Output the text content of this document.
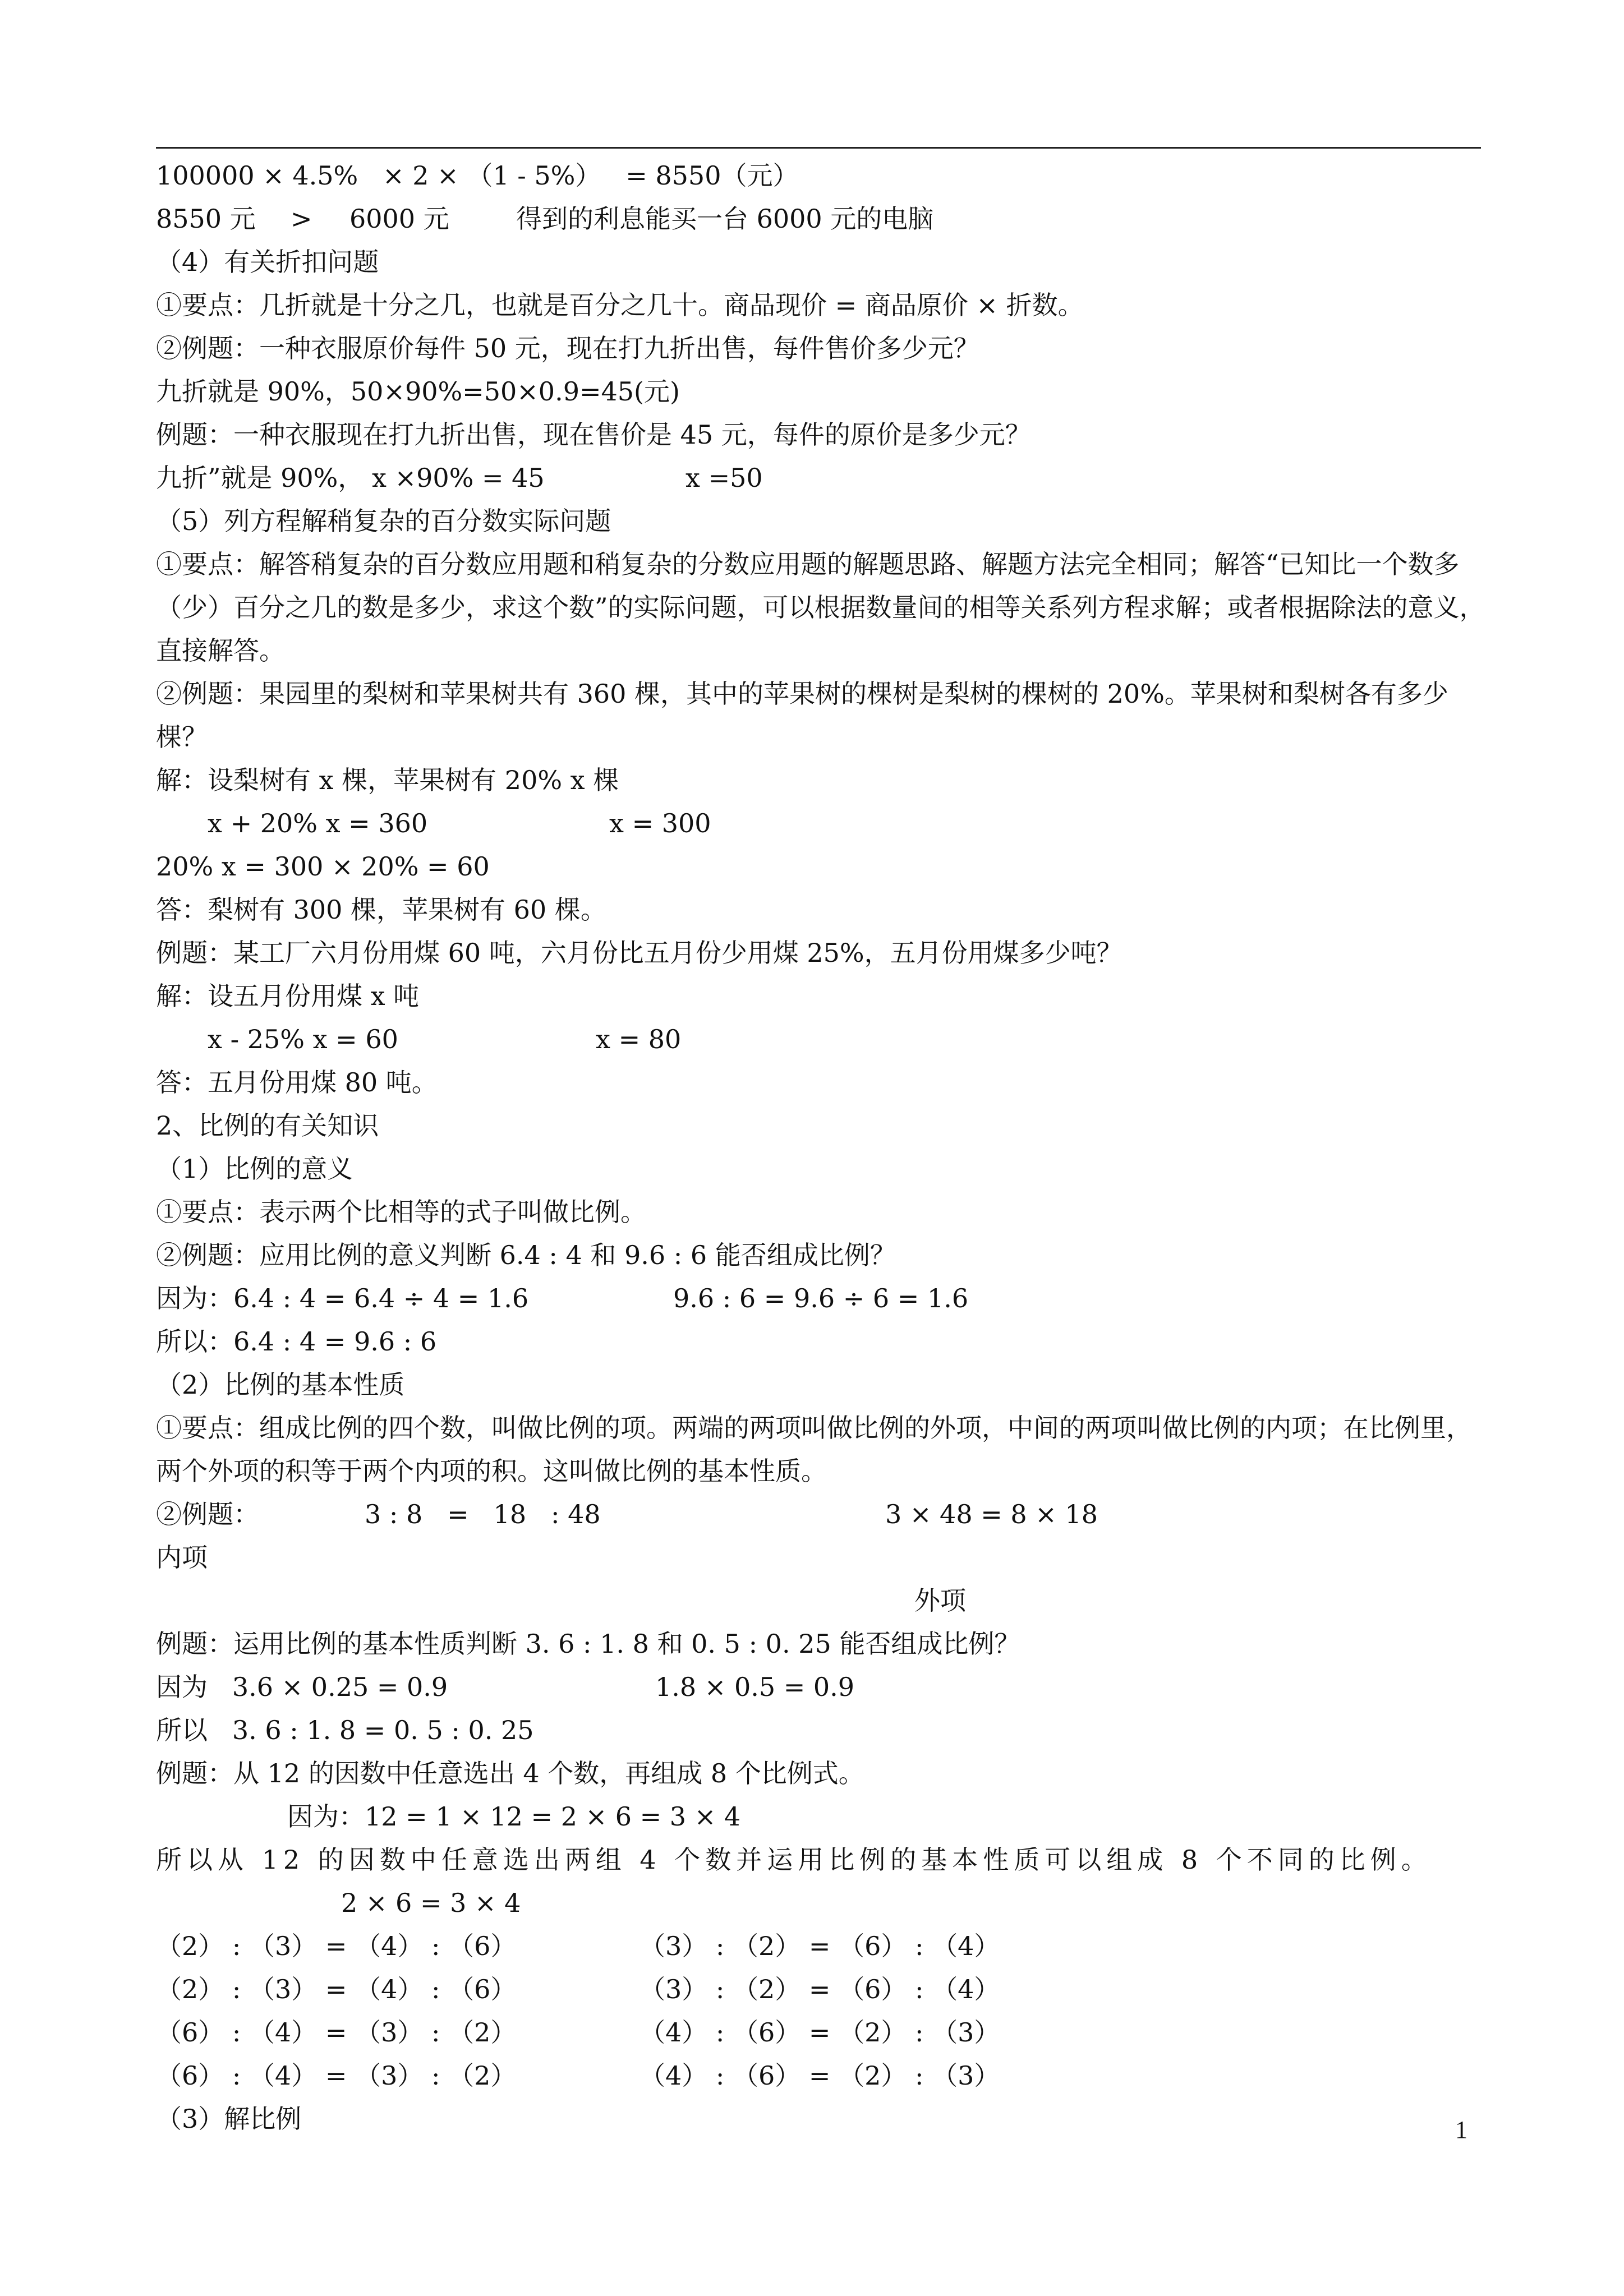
100000 × 4.5%   × 2 × （1 - 5%）   = 8550（元）

8550 元

>

6000 元

	得到的利息能买一台 6000 元的电脑

（4）有关折扣问题
①要点：几折就是十分之几，也就是百分之几十。商品现价 = 商品原价 × 折数。
②例题：一种衣服原价每件 50 元，现在打九折出售，每件售价多少元？
九折就是 90%，50×90%=50×0.9=45(元)
例题：一种衣服现在打九折出售，现在售价是 45 元，每件的原价是多少元？

九折”就是 90%， x ×90% = 45

	x =50

（5）列方程解稍复杂的百分数实际问题
①要点：解答稍复杂的百分数应用题和稍复杂的分数应用题的解题思路、解题方法完全相同；解答“已知比一个数多（少）百分之几的数是多少，求这个数”的实际问题，可以根据数量间的相等关系列方程求解；或者根据除法的意义，直接解答。
②例题：果园里的梨树和苹果树共有 360 棵，其中的苹果树的棵树是梨树的棵树的 20%。苹果树和梨树各有多少棵？
解：设梨树有 x 棵，苹果树有 20% x 棵

x + 20% x = 360

	x = 300

20% x = 300 × 20% = 60
答：梨树有 300 棵，苹果树有 60 棵。
例题：某工厂六月份用煤 60 吨，六月份比五月份少用煤 25%，五月份用煤多少吨？
解：设五月份用煤 x 吨

x - 25% x = 60

	x = 80

答：五月份用煤 80 吨。
2、比例的有关知识
（1）比例的意义
①要点：表示两个比相等的式子叫做比例。
②例题：应用比例的意义判断 6.4 : 4 和 9.6 : 6 能否组成比例？

因为：6.4 : 4 = 6.4 ÷ 4 = 1.6

	9.6 : 6 = 9.6 ÷ 6 = 1.6

所以：6.4 : 4 = 9.6 : 6
（2）比例的基本性质
①要点：组成比例的四个数，叫做比例的项。两端的两项叫做比例的外项，中间的两项叫做比例的内项；在比例里，两个外项的积等于两个内项的积。这叫做比例的基本性质。

②例题：

	3 : 8   =   18   : 48

	3 × 48 = 8 × 18

内项

外项

例题：运用比例的基本性质判断 3. 6 : 1. 8 和 0. 5 : 0. 25 能否组成比例？

因为   3.6 × 0.25 = 0.9

	1.8 × 0.5 = 0.9

所以   3. 6 : 1. 8 = 0. 5 : 0. 25
例题：从 12 的因数中任意选出 4 个数，再组成 8 个比例式。

因为：12 = 1 × 12 = 2 × 6 = 3 × 4

所以从 12 的因数中任意选出两组 4 个数并运用比例的基本性质可以组成 8 个不同的比例。

2 × 6 = 3 × 4

（2） : （3） = （4） : （6）

	（3） : （2） = （6） : （4）

（2） : （3） = （4） : （6）

	（3） : （2） = （6） : （4）

（6） : （4） = （3） : （2）

	（4） : （6） = （2） : （3）

（6） : （4） = （3） : （2）

	（4） : （6） = （2） : （3）

（3）解比例	1
